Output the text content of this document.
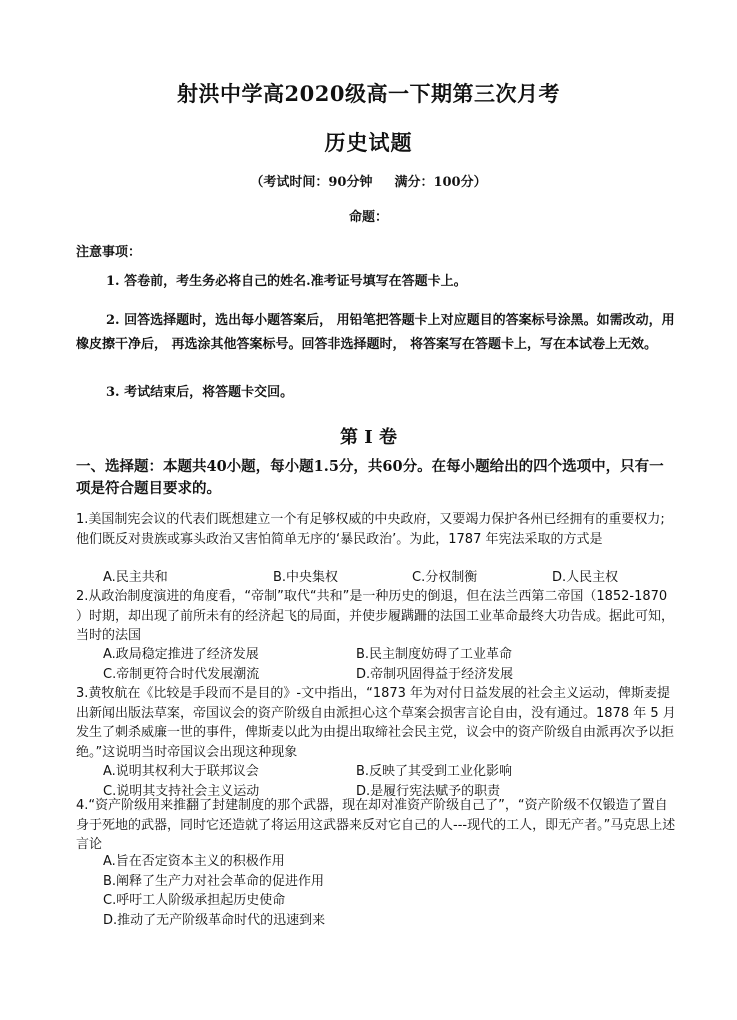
射洪中学高2020级高一下期第三次月考
历史试题
（考试时间：90分钟 满分：100分）
命题：
注意事项：
1. 答卷前，考生务必将自己的姓名.准考证号填写在答题卡上。
2. 回答选择题时，选出每小题答案后， 用铅笔把答题卡上对应题目的答案标号涂黑。如需改动，用橡皮擦干净后， 再选涂其他答案标号。回答非选择题时， 将答案写在答题卡上，写在本试卷上无效。
3. 考试结束后，将答题卡交回。
第 I 卷
一、选择题：本题共40小题，每小题1.5分，共60分。在每小题给出的四个选项中，只有一项是符合题目要求的。
1.美国制宪会议的代表们既想建立一个有足够权威的中央政府，又要竭力保护各州已经拥有的重要权力;他们既反对贵族或寡头政治又害怕简单无序的‘暴民政治’。为此，1787 年宪法采取的方式是
A.民主共和	B.中央集权	C.分权制衡	D.人民主权
2.从政治制度演进的角度看，“帝制”取代“共和”是一种历史的倒退，但在法兰西第二帝国（1852-1870 ）时期，却出现了前所未有的经济起飞的局面，并使步履蹒跚的法国工业革命最终大功告成。据此可知，当时的法国
A.政局稳定推进了经济发展	B.民主制度妨碍了工业革命
C.帝制更符合时代发展潮流	D.帝制巩固得益于经济发展
3.黄牧航在《比较是手段而不是目的》-文中指出，“1873 年为对付日益发展的社会主义运动，俾斯麦提出新闻出版法草案，帝国议会的资产阶级自由派担心这个草案会损害言论自由，没有通过。1878 年 5 月发生了刺杀威廉一世的事件，俾斯麦以此为由提出取缔社会民主党，议会中的资产阶级自由派再次予以拒绝。”这说明当时帝国议会出现这种现象
A.说明其权利大于联邦议会	B.反映了其受到工业化影响
C.说明其支持社会主义运动	D.是履行宪法赋予的职责
4.“资产阶级用来推翻了封建制度的那个武器，现在却对准资产阶级自己了”，“资产阶级不仅锻造了置自身于死地的武器，同时它还造就了将运用这武器来反对它自己的人---现代的工人，即无产者。”马克思上述言论
A.旨在否定资本主义的积极作用
B.阐释了生产力对社会革命的促进作用
C.呼吁工人阶级承担起历史使命
D.推动了无产阶级革命时代的迅速到来
